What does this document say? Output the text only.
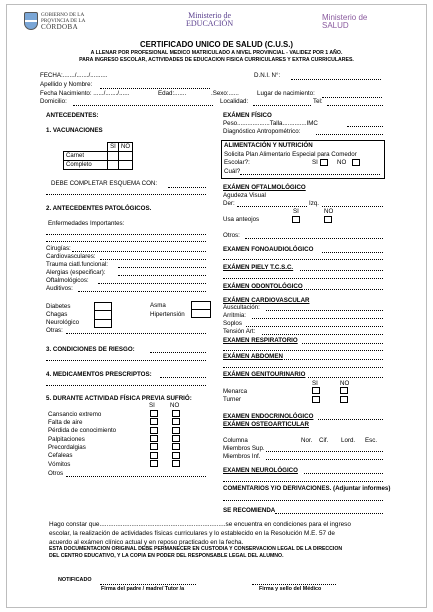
GOBIERNO DE LA
PROVINCIA DE LA
CÓRDOBA
Ministerio de
EDUCACIÓN
Ministerio de
SALUD
CERTIFICADO UNICO DE SALUD (C.U.S.)
A LLENAR POR PROFESIONAL MEDICO MATRICULADO A NIVEL PROVINCIAL - VALIDEZ POR 1 AÑO.
PARA INGRESO ESCOLAR, ACTIVIDADES DE EDUCACION FISICA CURRICULARES Y EXTRA CURRICULARES.
FECHA:......./......./..........	D.N.I. N°:
Apellido y Nombre:
Fecha Nacimiento: ....../......./......	Edad:.......	.Sexo:......	Lugar de nacimiento:
Domicilio:	Localidad:	Tel:
ANTECEDENTES:
1. VACUNACIONES
	SI	NO
Carnet		
Completo		
DEBE COMPLETAR ESQUEMA CON:
2. ANTECEDENTES PATOLÓGICOS.
Enfermedades Importantes:
Cirugías:
Cardiovasculares:
Trauma ciatl.funcional:
Alergias (especificar):
Oftalmológicos:
Auditivos:
Diabetes
Chagas
Neurológico
Otras:
Asma
Hipertensión
3. CONDICIONES DE RIESGO:
4. MEDICAMENTOS PRESCRIPTOS:
5. DURANTE ACTIVIDAD FÍSICA PREVIA SUFRIÓ:
SI NO
Cansancio extremo
Falta de aire
Pérdida de conocimiento
Palpitaciones
Precordalgias
Cefaleas
Vómitos
Otros
EXÁMEN FÍSICO
Peso...................Talla..............IMC
Diagnóstico Antropométrico:
ALIMENTACIÓN Y NUTRICIÓN
Solicita Plan Alimentario Especial para Comedor
Escolar?:	SI	NO
Cuál?
EXÁMEN OFTALMOLÓGICO
Agudeza Visual
Der:	Izq.
SI	NO
Usa anteojos
Otros:
EXAMEN FONOAUDIOLÓGICO
EXÁMEN PIELY T.C.S.C.
EXÁMEN ODONTOLÓGICO
EXÁMEN CARDIOVASCULAR
Auscultación:
Arritmia:
Soplos
Tensión Art:
EXAMEN RESPIRATORIO
EXÁMEN ABDOMEN
EXÁMEN GENITOURINARIO
SI	NO
Menarca
Turner
EXAMEN ENDOCRINOLÓGICO
EXÁMEN OSTEOARTICULAR
Columna	Nor. Cif. Lord. Esc.
Miembros Sup.
Miembros Inf.
EXAMEN NEUROLÓGICO
COMENTARIOS Y/O DERIVACIONES. (Adjuntar informes)
SE RECOMIENDA
Hago constar que.......................................................................se encuentra en condiciones para el ingreso
escolar, la realización de actividades físicas curriculares y lo establecido en la Resolución M.E. 57 de
acuerdo al exámen clínico actual y en reposo practicado en la fecha.
ESTA DOCUMENTACION ORIGINAL DEBE PERMANECER EN CUSTODIA Y CONSERVACION LEGAL DE LA DIRECCION
DEL CENTRO EDUCATIVO, Y LA COPIA EN PODER DEL RESPONSABLE LEGAL DEL ALUMNO.
NOTIFICADO
Firma del padre / madre/ Tutor /a	Firma y sello del Médico
